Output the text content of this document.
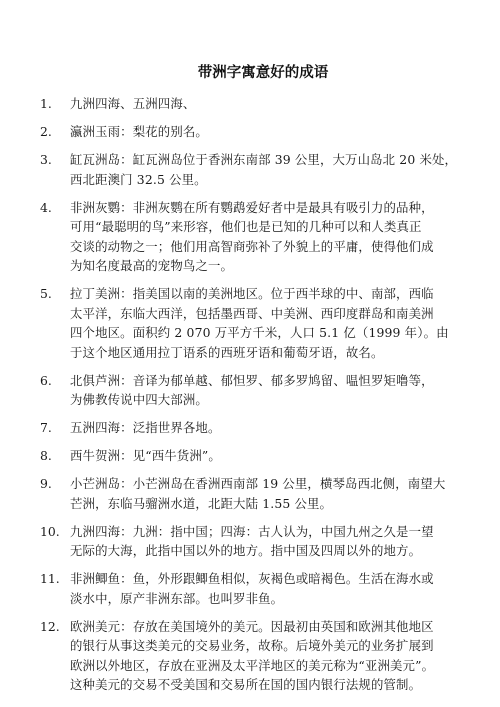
带洲字寓意好的成语
1.	九洲四海、五洲四海、
2.	瀛洲玉雨：梨花的别名。
3.	缸瓦洲岛：缸瓦洲岛位于香洲东南部 39 公里，大万山岛北 20 米处，
西北距澳门 32.5 公里。
4.	非洲灰鹦：非洲灰鹦在所有鹦鹉爱好者中是最具有吸引力的品种，
可用“最聪明的鸟”来形容，他们也是已知的几种可以和人类真正
交谈的动物之一；他们用高智商弥补了外貌上的平庸，使得他们成
为知名度最高的宠物鸟之一。
5.	拉丁美洲：指美国以南的美洲地区。位于西半球的中、南部，西临
太平洋，东临大西洋，包括墨西哥、中美洲、西印度群岛和南美洲
四个地区。面积约 2 070 万平方千米，人口 5.1 亿（1999 年）。由
于这个地区通用拉丁语系的西班牙语和葡萄牙语，故名。
6.	北俱芦洲：音译为郁单越、郁怛罗、郁多罗鸠留、嗢怛罗矩噜等，
为佛教传说中四大部洲。
7.	五洲四海：泛指世界各地。
8.	西牛贺洲：见“西牛货洲”。
9.	小芒洲岛：小芒洲岛在香洲西南部 19 公里，横琴岛西北侧，南望大
芒洲，东临马骝洲水道，北距大陆 1.55 公里。
10. 九洲四海：九洲：指中国；四海：古人认为，中国九州之久是一望
无际的大海，此指中国以外的地方。指中国及四周以外的地方。
11. 非洲鲫鱼：鱼，外形跟鲫鱼相似，灰褐色或暗褐色。生活在海水或
淡水中，原产非洲东部。也叫罗非鱼。
12. 欧洲美元：存放在美国境外的美元。因最初由英国和欧洲其他地区
的银行从事这类美元的交易业务，故称。后境外美元的业务扩展到
欧洲以外地区，存放在亚洲及太平洋地区的美元称为“亚洲美元”。
这种美元的交易不受美国和交易所在国的国内银行法规的管制。
